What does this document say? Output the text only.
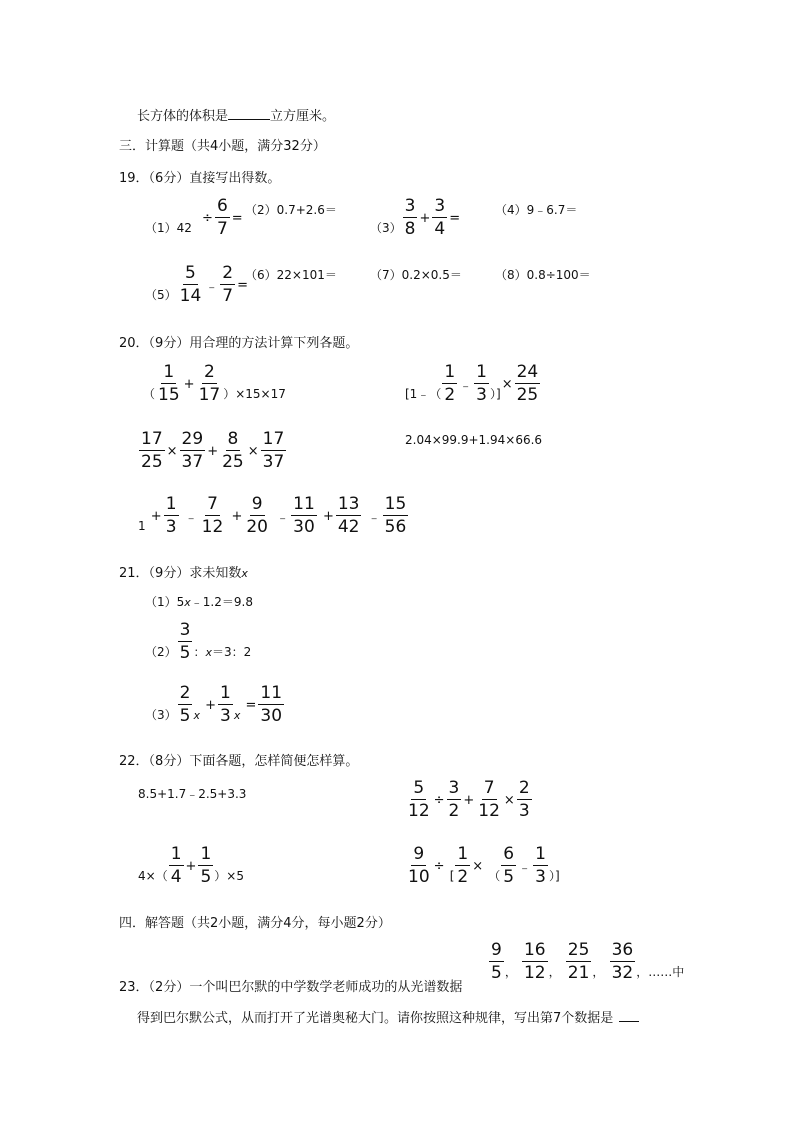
长方体的体积是	立方厘米。
三．计算题（共4小题，满分32分）
19．（6分）直接写出得数。
$(1)42 \div \frac{6}{7}$ =
（2）0.7+2.6＝
$(3) \frac{3}{8} + \frac{3}{4}$ =
（4）9﹣6.7＝
$(5) \frac{5}{14}$ ﹣ $\frac{2}{7}$ =
（6）22×101＝	（7）0.2×0.5＝	（8）0.8÷100＝
20．（9分）用合理的方法计算下列各题。
（ $\frac{1}{15} + \frac{2}{17} )\times 15\times 17$	[1﹣（ $\frac{1}{2}$ ﹣ $\frac{1}{3}$ ）]× $\frac{24}{25}$
$\frac{17}{25} \times \frac{29}{37} + \frac{8}{25} \times \frac{17}{37}$	2.04×99.9+1.94×66.6
$1 + \frac{1}{3}$ ﹣ $\frac{7}{12} + \frac{9}{20}$ ﹣ $\frac{11}{30} + \frac{13}{42}$ ﹣ $\frac{15}{56}$
21．（9分）求未知数x
（1）5x﹣1.2＝9.8
$(2) \frac{3}{5}$ ：$_x$＝3：2
$(3) \frac{2}{5} _x + \frac{1}{3} _x = \frac{11}{30}$
22．（8分）下面各题，怎样简便怎样算。
8.5+1.7﹣2.5+3.3	$\frac{5}{12} \div \frac{3}{2} + \frac{7}{12} \times \frac{2}{3}$
$4\times( \frac{1}{4} + \frac{1}{5} )\times 5$	$\frac{9}{10}$ ÷ [ $\frac{1}{2}$ × （ $\frac{6}{5}$ ﹣ $\frac{1}{3}$ ）]
四．解答题（共2小题，满分4分，每小题2分）
23．（2分）一个叫巴尔默的中学数学老师成功的从光谱数据
$\frac{9}{5}$ ， $\frac{16}{12}$ ， $\frac{25}{21}$ ， $\frac{36}{32}$ ，……中
得到巴尔默公式，从而打开了光谱奥秘大门。请你按照这种规律，写出第7个数据是
